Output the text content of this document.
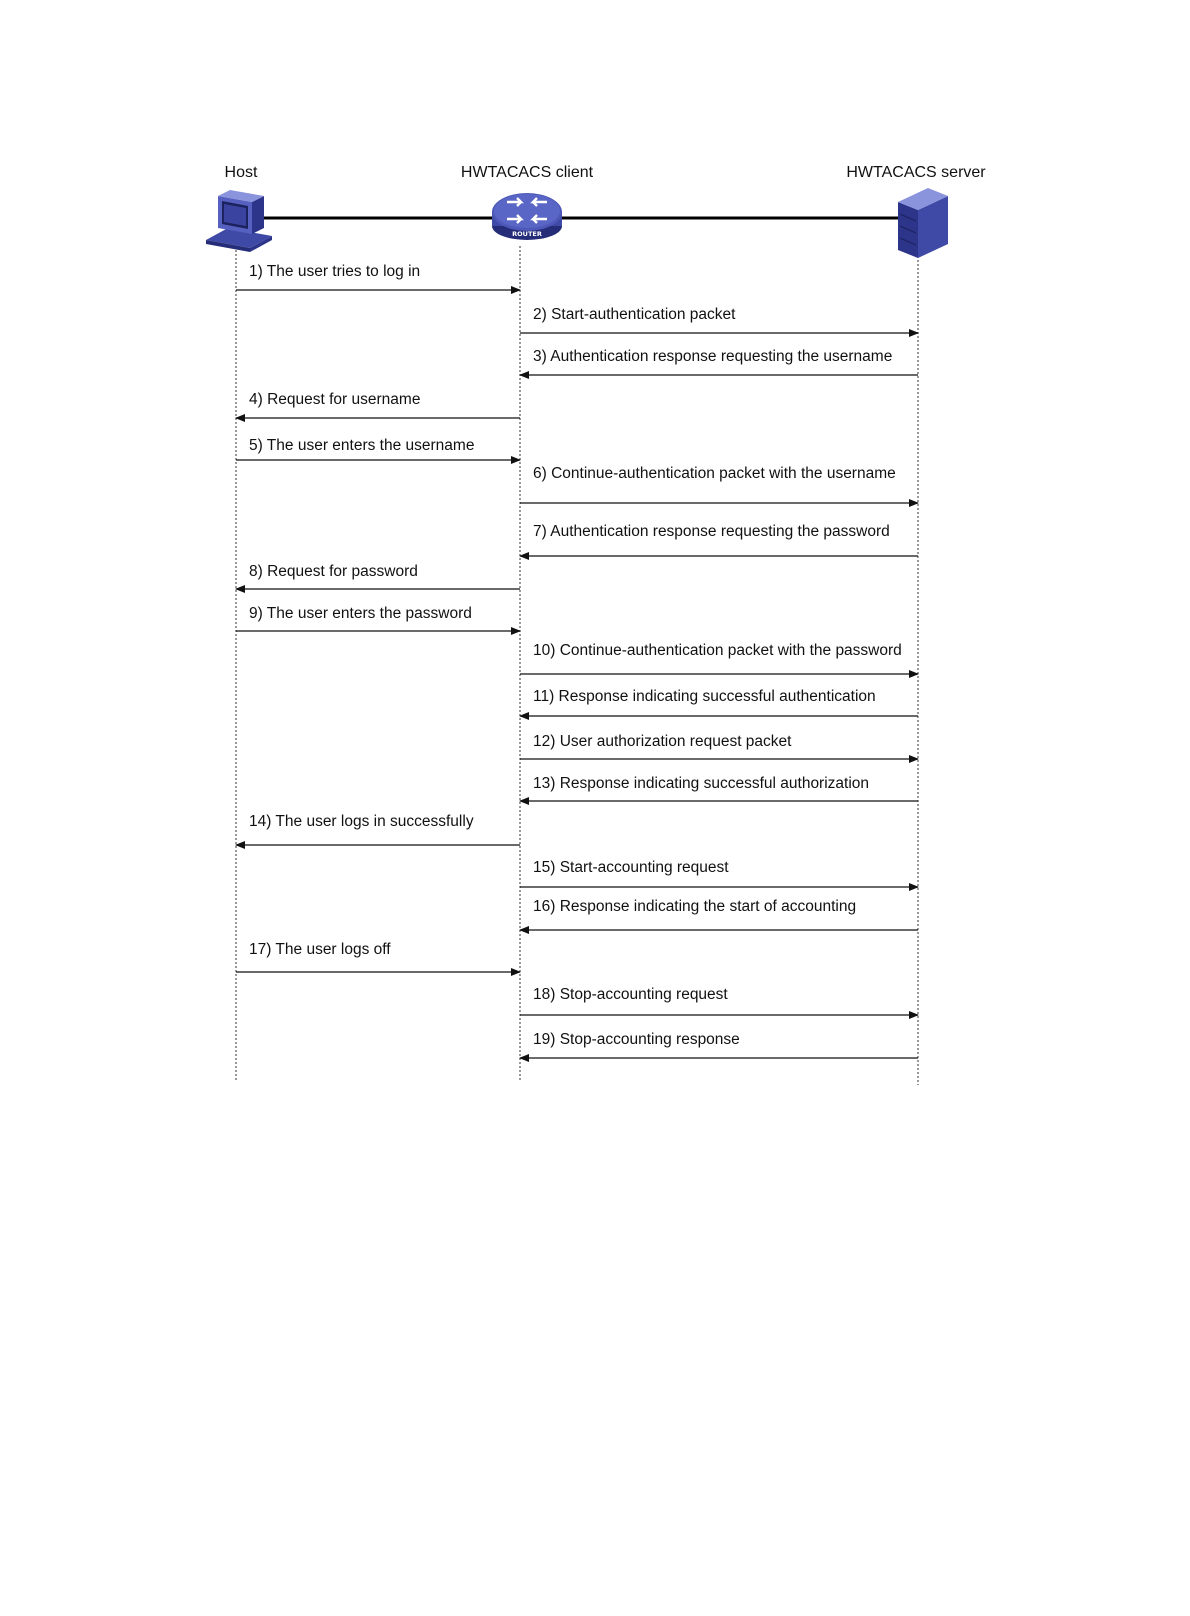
Host	HWTACACS client	HWTACACS server
ROUTER
1) The user tries to log in
2) Start-authentication packet
3) Authentication response requesting the username
4) Request for username
5) The user enters the username
6) Continue-authentication packet with the username
7) Authentication response requesting the password
8) Request for password
9) The user enters the password
10) Continue-authentication packet with the password
11) Response indicating successful authentication
12) User authorization request packet
13) Response indicating successful authorization
14) The user logs in successfully
15) Start-accounting request
16) Response indicating the start of accounting
17) The user logs off
18) Stop-accounting request
19) Stop-accounting response
